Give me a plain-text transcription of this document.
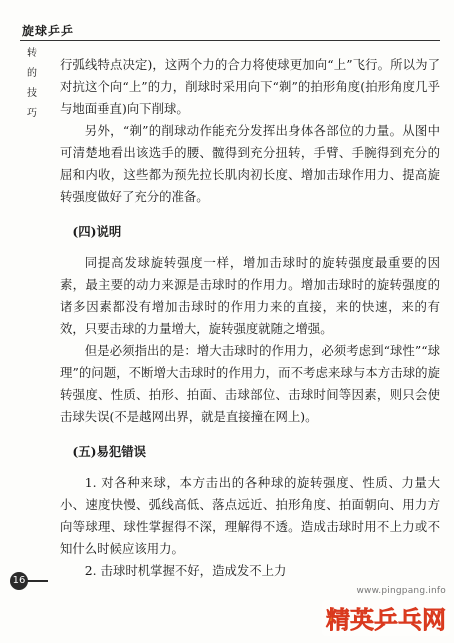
旋球乒乒
转
的
技
巧

行弧线特点决定)，这两个力的合力将使球更加向“上”飞行。所以为了对抗这个向“上”的力，削球时采用向下“剃”的拍形角度(拍形角度几乎与地面垂直)向下削球。

另外，“剃”的削球动作能充分发挥出身体各部位的力量。从图中可清楚地看出该选手的腰、髋得到充分扭转，手臂、手腕得到充分的屈和内收，这些都为预先拉长肌肉初长度、增加击球作用力、提高旋转强度做好了充分的准备。

(四)说明

同提高发球旋转强度一样，增加击球时的旋转强度最重要的因素，最主要的动力来源是击球时的作用力。增加击球时的旋转强度的诸多因素都没有增加击球时的作用力来的直接，来的快速，来的有效，只要击球的力量增大，旋转强度就随之增强。

但是必须指出的是：增大击球时的作用力，必须考虑到“球性”“球理”的问题，不断增大击球时的作用力，而不考虑来球与本方击球的旋转强度、性质、拍形、拍面、击球部位、击球时间等因素，则只会使击球失误(不是越网出界，就是直接撞在网上)。

(五)易犯错误

1. 对各种来球，本方击出的各种球的旋转强度、性质、力量大小、速度快慢、弧线高低、落点远近、拍形角度、拍面朝向、用力方向等球理、球性掌握得不深，理解得不透。造成击球时用不上力或不知什么时候应该用力。

2. 击球时机掌握不好，造成发不上力

16
www.pingpang.info
精英乒乓网
